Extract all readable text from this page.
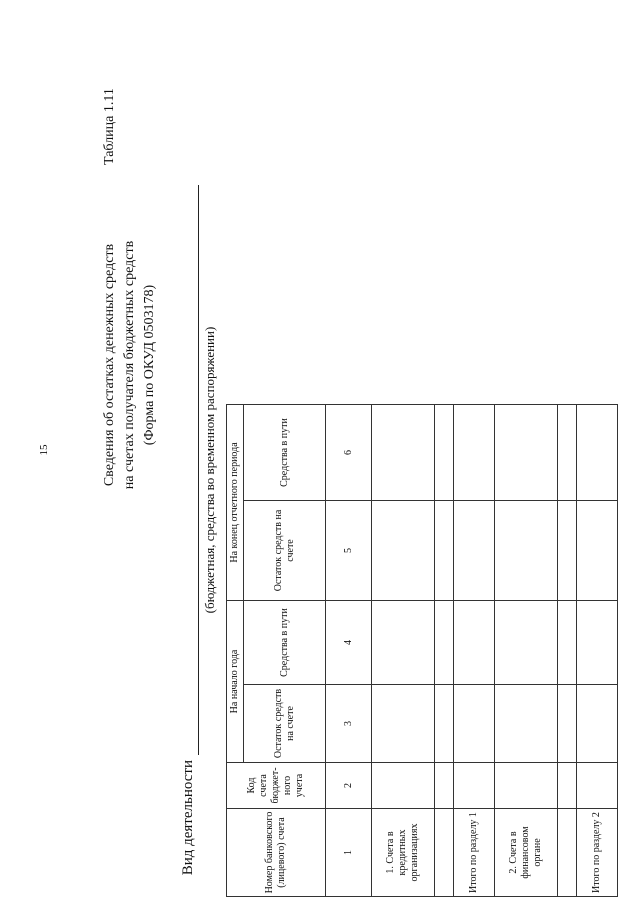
15
Таблица 1.11
Сведения об остатках денежных средств на счетах получателя бюджетных средств (Форма по ОКУД 0503178)
Вид деятельности
(бюджетная, средства во временном распоряжении)
Номер банковского (лицевого) счета	Код счета бюджет-ного учета	На начало года		На конец отчетного периода	
		Остаток средств на счете	Средства в пути	Остаток средств на счете	Средства в пути
1	2	3	4	5	6
1. Счета в кредитных организациях					

Итого по разделу 1					
2. Счета в финансовом органе					

Итого по разделу 2					
